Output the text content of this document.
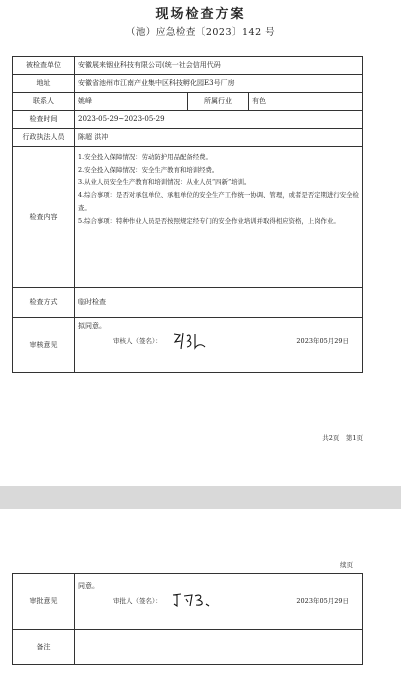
现场检查方案
（池）应急检查〔2023〕142 号
被检查单位	安徽展来铟业科技有限公司(统一社会信用代码		
地址	安徽省池州市江南产业集中区科技孵化园E3号厂房		
联系人	姚峰	所属行业	有色
检查时间	2023-05-29~2023-05-29		
行政执法人员	陈超 洪冲		
检查内容	1.安全投入保障情况：劳动防护用品配备经费。

2.安全投入保障情况：安全生产教育和培训经费。

3.从业人员安全生产教育和培训情况：从业人员“四新”培训。

4.综合事项：是否对承包单位、承租单位的安全生产工作统一协调、管理，或者是否定期进行安全检查。

5.综合事项：特种作业人员是否按照规定经专门的安全作业培训并取得相应资格，上岗作业。		

检查方式	临时检查		
审核意见	拟同意。
审核人（签名）： 2023年05月29日		
共2页　第1页
续页
审批意见	同意。
审批人（签名）： 2023年05月29日

备注	
